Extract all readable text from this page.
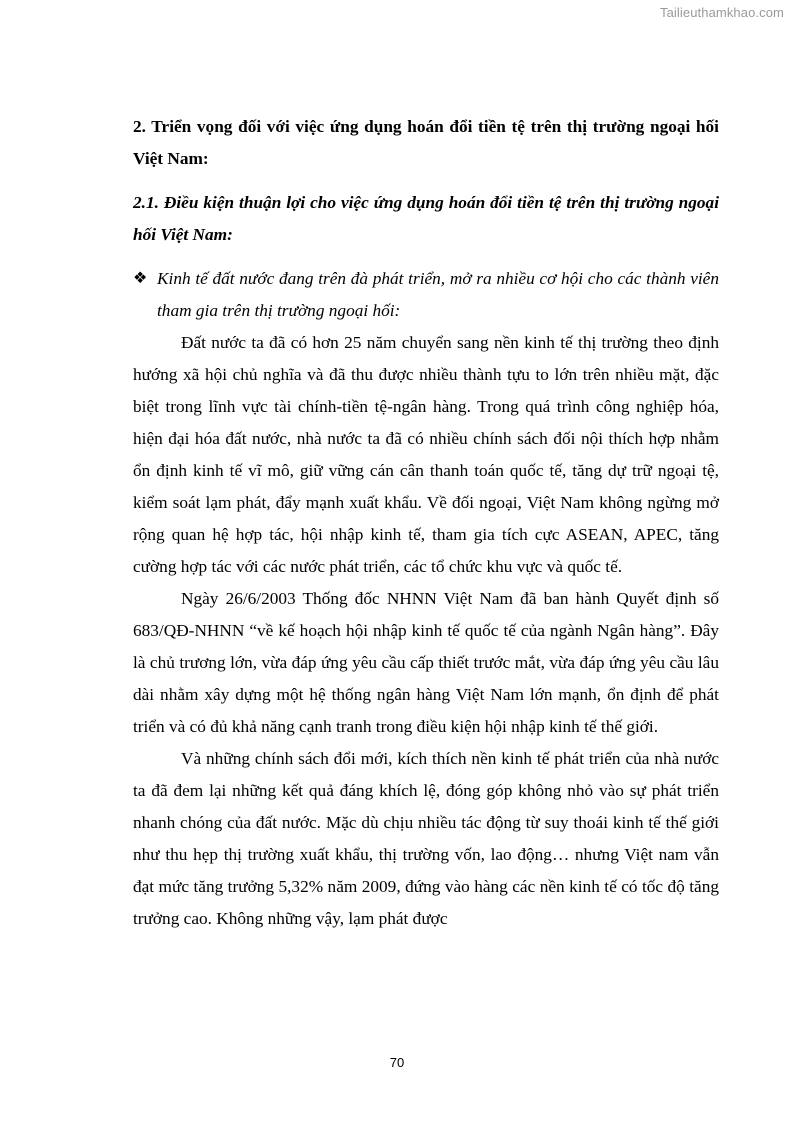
Tailieuthamkhao.com

2. Triển vọng đối với việc ứng dụng hoán đổi tiền tệ trên thị trường ngoại hối Việt Nam:

2.1. Điều kiện thuận lợi cho việc ứng dụng hoán đổi tiền tệ trên thị trường ngoại hối Việt Nam:

❖ Kinh tế đất nước đang trên đà phát triển, mở ra nhiều cơ hội cho các thành viên tham gia trên thị trường ngoại hối:

Đất nước ta đã có hơn 25 năm chuyển sang nền kinh tế thị trường theo định hướng xã hội chủ nghĩa và đã thu được nhiều thành tựu to lớn trên nhiều mặt, đặc biệt trong lĩnh vực tài chính-tiền tệ-ngân hàng. Trong quá trình công nghiệp hóa, hiện đại hóa đất nước, nhà nước ta đã có nhiều chính sách đối nội thích hợp nhằm ổn định kinh tế vĩ mô, giữ vững cán cân thanh toán quốc tế, tăng dự trữ ngoại tệ, kiểm soát lạm phát, đẩy mạnh xuất khẩu. Về đối ngoại, Việt Nam không ngừng mở rộng quan hệ hợp tác, hội nhập kinh tế, tham gia tích cực ASEAN, APEC, tăng cường hợp tác với các nước phát triển, các tổ chức khu vực và quốc tế.

Ngày 26/6/2003 Thống đốc NHNN Việt Nam đã ban hành Quyết định số 683/QĐ-NHNN “về kế hoạch hội nhập kinh tế quốc tế của ngành Ngân hàng”. Đây là chủ trương lớn, vừa đáp ứng yêu cầu cấp thiết trước mắt, vừa đáp ứng yêu cầu lâu dài nhằm xây dựng một hệ thống ngân hàng Việt Nam lớn mạnh, ổn định để phát triển và có đủ khả năng cạnh tranh trong điều kiện hội nhập kinh tế thế giới.

Và những chính sách đổi mới, kích thích nền kinh tế phát triển của nhà nước ta đã đem lại những kết quả đáng khích lệ, đóng góp không nhỏ vào sự phát triển nhanh chóng của đất nước. Mặc dù chịu nhiều tác động từ suy thoái kinh tế thế giới như thu hẹp thị trường xuất khẩu, thị trường vốn, lao động… nhưng Việt nam vẫn đạt mức tăng trưởng 5,32% năm 2009, đứng vào hàng các nền kinh tế có tốc độ tăng trưởng cao. Không những vậy, lạm phát được

70
